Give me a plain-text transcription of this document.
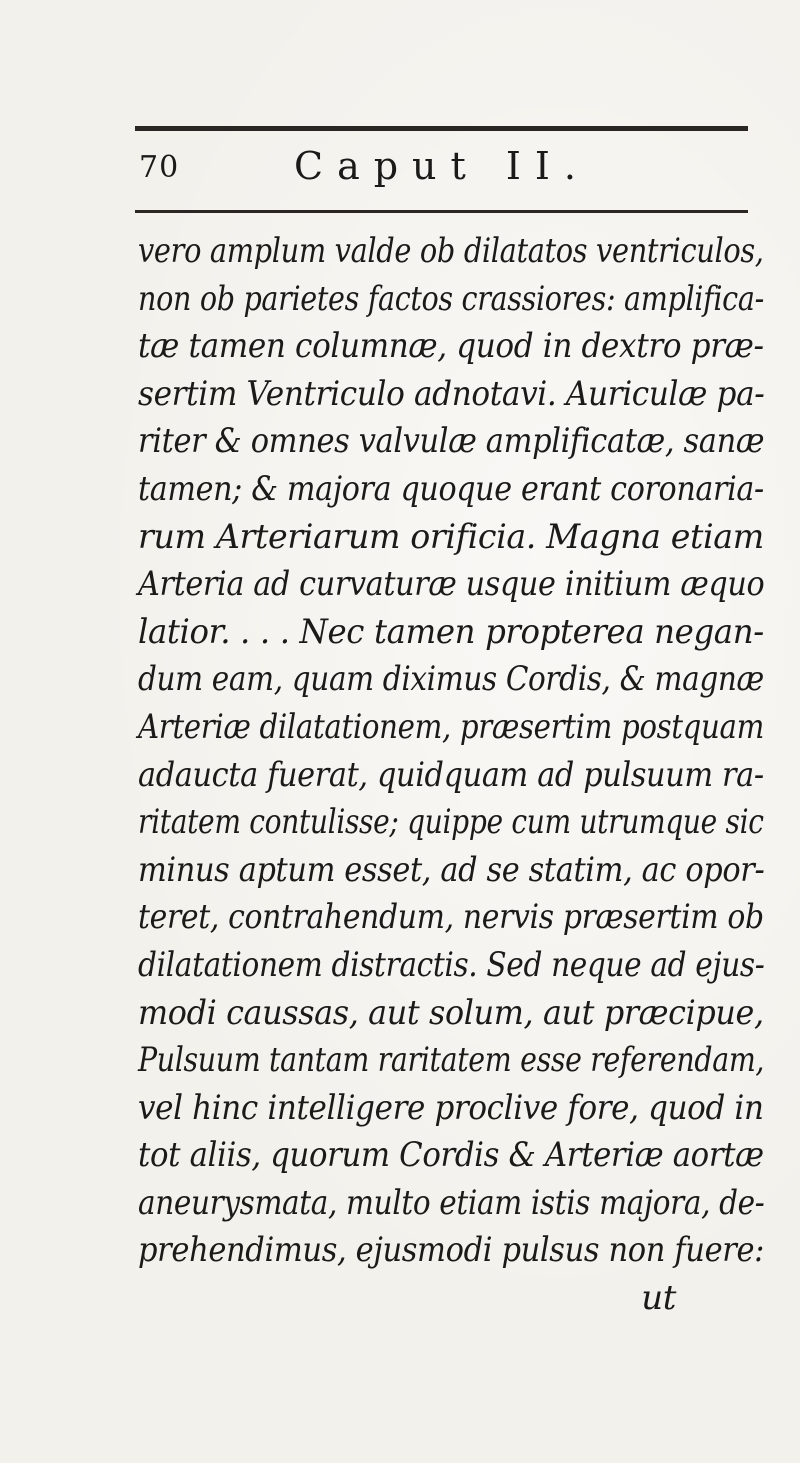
70	Caput II.
vero amplum valde ob dilatatos ventriculos,
non ob parietes factos crassiores: amplifica-
tæ tamen columnæ, quod in dextro præ-
sertim Ventriculo adnotavi. Auriculæ pa-
riter & omnes valvulæ amplificatæ, sanæ
tamen; & majora quoque erant coronaria-
rum Arteriarum orificia. Magna etiam
Arteria ad curvaturæ usque initium æquo
latior. . . . Nec tamen propterea negan-
dum eam, quam diximus Cordis, & magnæ
Arteriæ dilatationem, præsertim postquam
adaucta fuerat, quidquam ad pulsuum ra-
ritatem contulisse; quippe cum utrumque sic
minus aptum esset, ad se statim, ac opor-
teret, contrahendum, nervis præsertim ob
dilatationem distractis. Sed neque ad ejus-
modi caussas, aut solum, aut præcipue,
Pulsuum tantam raritatem esse referendam,
vel hinc intelligere proclive fore, quod in
tot aliis, quorum Cordis & Arteriæ aortæ
aneurysmata, multo etiam istis majora, de-
prehendimus, ejusmodi pulsus non fuere:
ut
